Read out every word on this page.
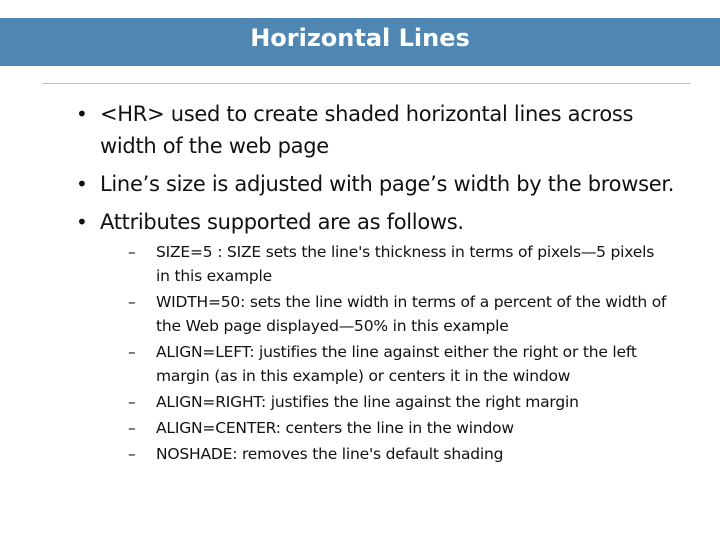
Horizontal Lines
• <HR> used to create shaded horizontal lines across width of the web page
• Line’s size is adjusted with page’s width by the browser.
• Attributes supported are as follows.
– SIZE=5 : SIZE sets the line's thickness in terms of pixels—5 pixels in this example
– WIDTH=50: sets the line width in terms of a percent of the width of the Web page displayed—50% in this example
– ALIGN=LEFT: justifies the line against either the right or the left margin (as in this example) or centers it in the window
– ALIGN=RIGHT: justifies the line against the right margin
– ALIGN=CENTER: centers the line in the window
– NOSHADE: removes the line's default shading
